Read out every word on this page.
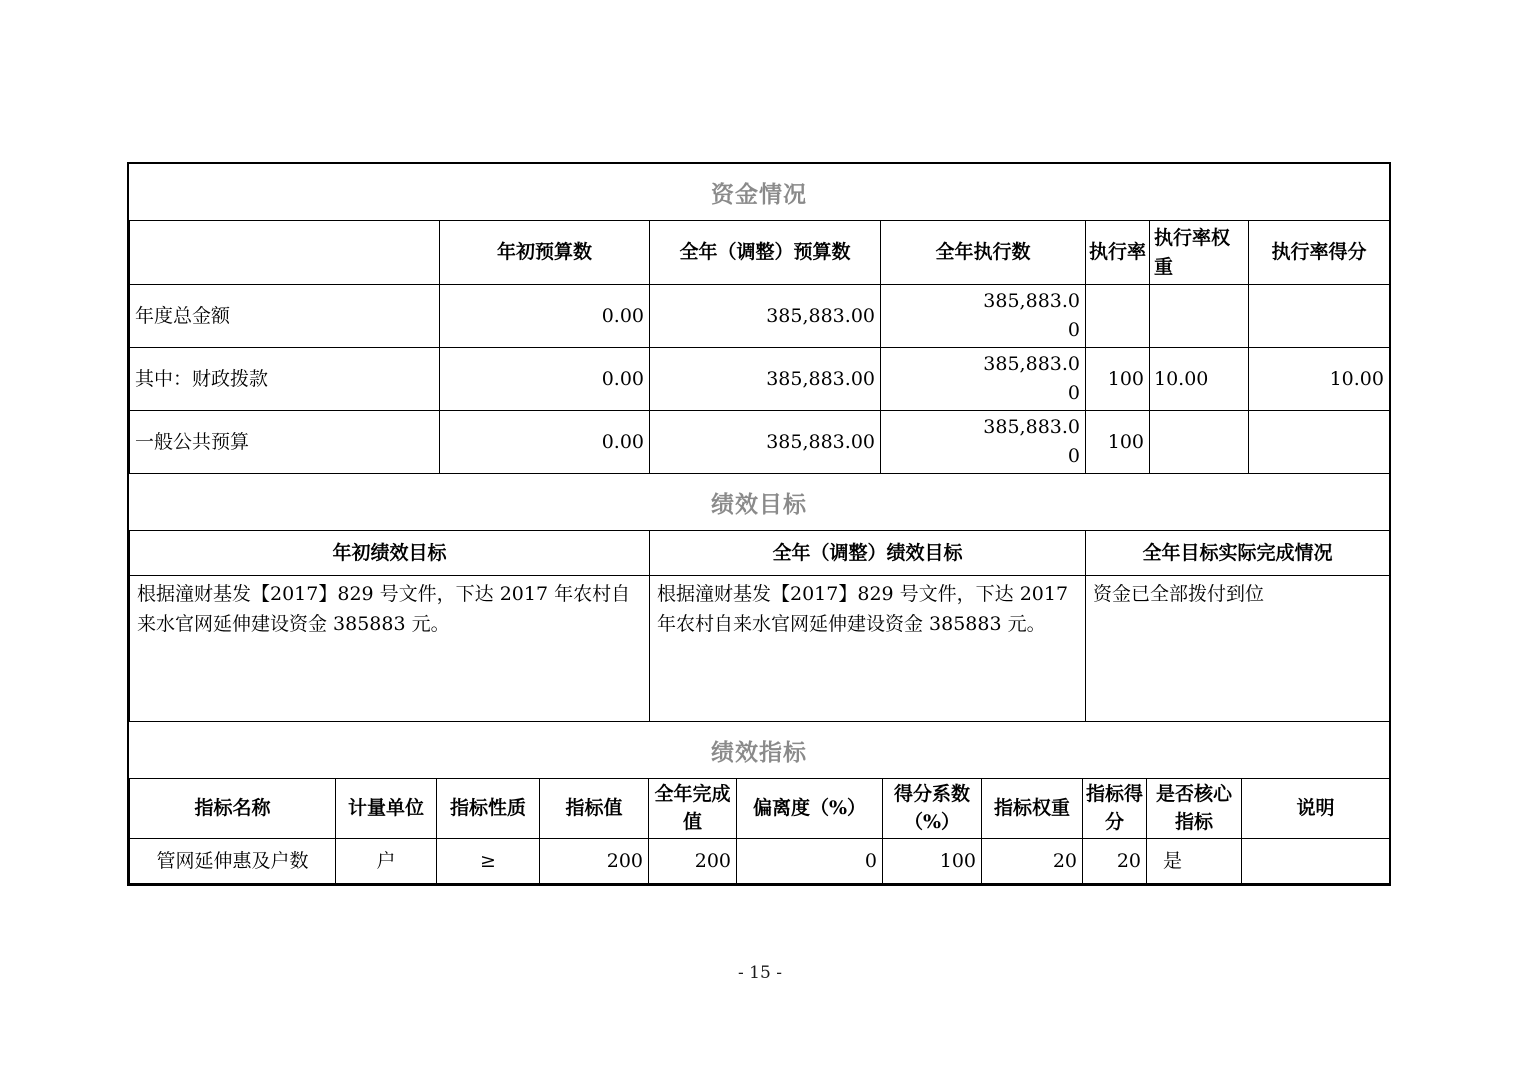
资金情况
	年初预算数	全年（调整）预算数	全年执行数	执行率	执行率权重	执行率得分
年度总金额	0.00	385,883.00	385,883.00			
其中：财政拨款	0.00	385,883.00	385,883.00	100	10.00	10.00
一般公共预算	0.00	385,883.00	385,883.00	100		
绩效目标
年初绩效目标	全年（调整）绩效目标	全年目标实际完成情况
根据潼财基发【2017】829 号文件，下达 2017 年农村自来水官网延伸建设资金 385883 元。	根据潼财基发【2017】829 号文件，下达 2017 年农村自来水官网延伸建设资金 385883 元。	资金已全部拨付到位
绩效指标
指标名称	计量单位	指标性质	指标值	全年完成值	偏离度（%）	得分系数（%）	指标权重	指标得分	是否核心指标	说明
管网延伸惠及户数	户	≥	200	200	0	100	20	20	是	
- 15 -
